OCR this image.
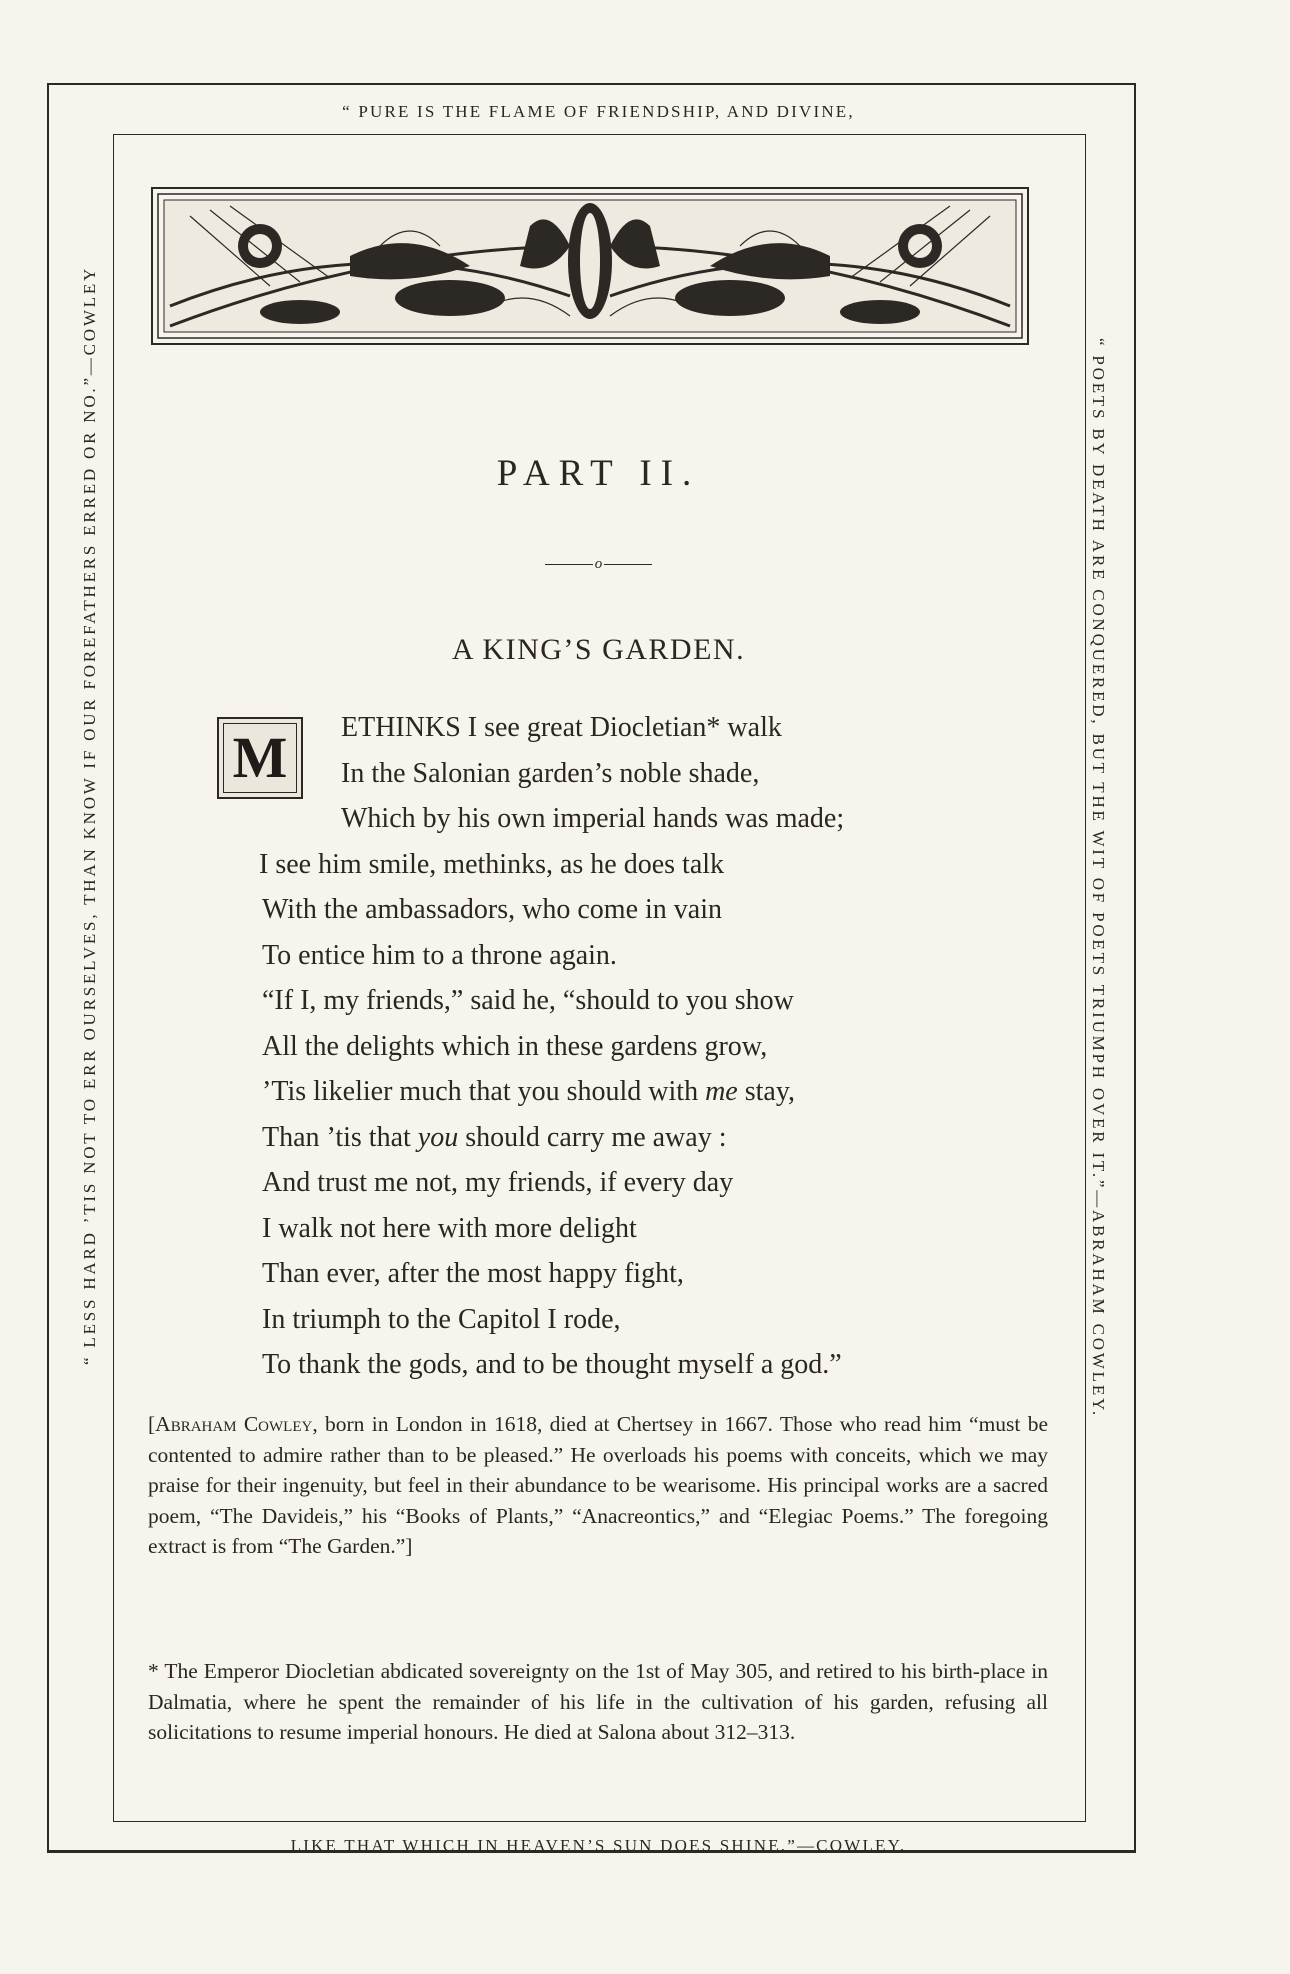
“ PURE IS THE FLAME OF FRIENDSHIP, AND DIVINE,
LIKE THAT WHICH IN HEAVEN’S SUN DOES SHINE.”—COWLEY.
“ LESS HARD ’TIS NOT TO ERR OURSELVES, THAN KNOW IF OUR FOREFATHERS ERRED OR NO.”—COWLEY	“ POETS BY DEATH ARE CONQUERED, BUT THE WIT OF POETS TRIUMPH OVER IT.”—ABRAHAM COWLEY.
PART II.
o
A KING’S GARDEN.
M	ETHINKS I see great Diocletian* walk
In the Salonian garden’s noble shade,
Which by his own imperial hands was made;
I see him smile, methinks, as he does talk
With the ambassadors, who come in vain
To entice him to a throne again.
“If I, my friends,” said he, “should to you show
All the delights which in these gardens grow,
’Tis likelier much that you should with me stay,
Than ’tis that you should carry me away :
And trust me not, my friends, if every day
I walk not here with more delight
Than ever, after the most happy fight,
In triumph to the Capitol I rode,
To thank the gods, and to be thought myself a god.”
[Abraham Cowley, born in London in 1618, died at Chertsey in 1667. Those who read him “must be contented to admire rather than to be pleased.” He overloads his poems with conceits, which we may praise for their ingenuity, but feel in their abundance to be wearisome. His principal works are a sacred poem, “The Davideis,” his “Books of Plants,” “Anacreontics,” and “Elegiac Poems.” The foregoing extract is from “The Garden.”]
* The Emperor Diocletian abdicated sovereignty on the 1st of May 305, and retired to his birth-place in Dalmatia, where he spent the remainder of his life in the cultivation of his garden, refusing all solicitations to resume imperial honours. He died at Salona about 312–313.
